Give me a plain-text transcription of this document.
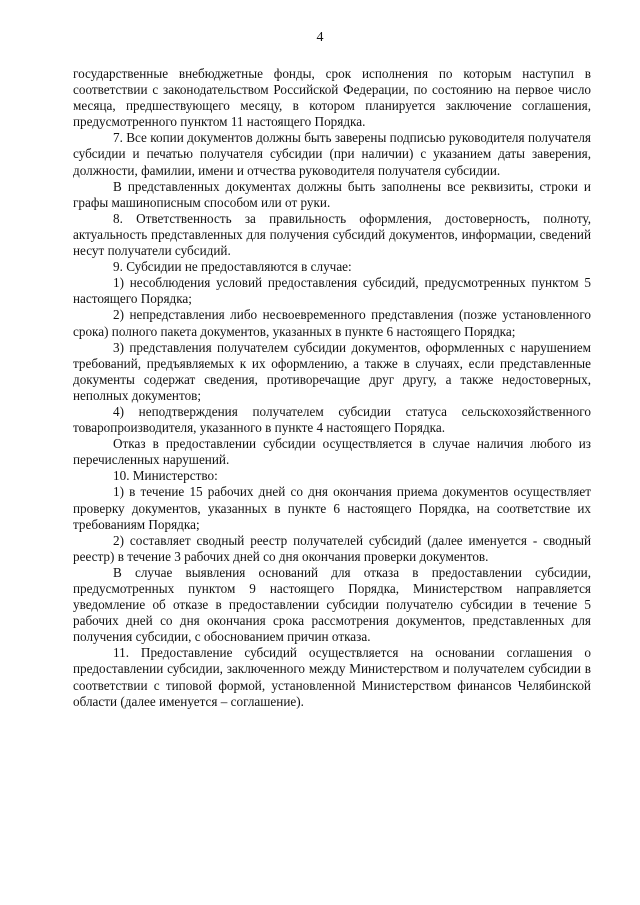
4

государственные внебюджетные фонды, срок исполнения по которым наступил в соответствии с законодательством Российской Федерации, по состоянию на первое число месяца, предшествующего месяцу, в котором планируется заключение соглашения, предусмотренного пунктом 11 настоящего Порядка.

7. Все копии документов должны быть заверены подписью руководителя получателя субсидии и печатью получателя субсидии (при наличии) с указанием даты заверения, должности, фамилии, имени и отчества руководителя получателя субсидии.

В представленных документах должны быть заполнены все реквизиты, строки и графы машинописным способом или от руки.

8. Ответственность за правильность оформления, достоверность, полноту, актуальность представленных для получения субсидий документов, информации, сведений несут получатели субсидий.

9. Субсидии не предоставляются в случае:

1) несоблюдения условий предоставления субсидий, предусмотренных пунктом 5 настоящего Порядка;

2) непредставления либо несвоевременного представления (позже установленного срока) полного пакета документов, указанных в пункте 6 настоящего Порядка;

3) представления получателем субсидии документов, оформленных с нарушением требований, предъявляемых к их оформлению, а также в случаях, если представленные документы содержат сведения, противоречащие друг другу, а также недостоверных, неполных документов;

4) неподтверждения получателем субсидии статуса сельскохозяйственного товаропроизводителя, указанного в пункте 4 настоящего Порядка.

Отказ в предоставлении субсидии осуществляется в случае наличия любого из перечисленных нарушений.

10. Министерство:

1) в течение 15 рабочих дней со дня окончания приема документов осуществляет проверку документов, указанных в пункте 6 настоящего Порядка, на соответствие их требованиям Порядка;

2) составляет сводный реестр получателей субсидий (далее именуется - сводный реестр) в течение 3 рабочих дней со дня окончания проверки документов.

В случае выявления оснований для отказа в предоставлении субсидии, предусмотренных пунктом 9 настоящего Порядка, Министерством направляется уведомление об отказе в предоставлении субсидии получателю субсидии в течение 5 рабочих дней со дня окончания срока рассмотрения документов, представленных для получения субсидии, с обоснованием причин отказа.

11. Предоставление субсидий осуществляется на основании соглашения о предоставлении субсидии, заключенного между Министерством и получателем субсидии в соответствии с типовой формой, установленной Министерством финансов Челябинской области (далее именуется – соглашение).
